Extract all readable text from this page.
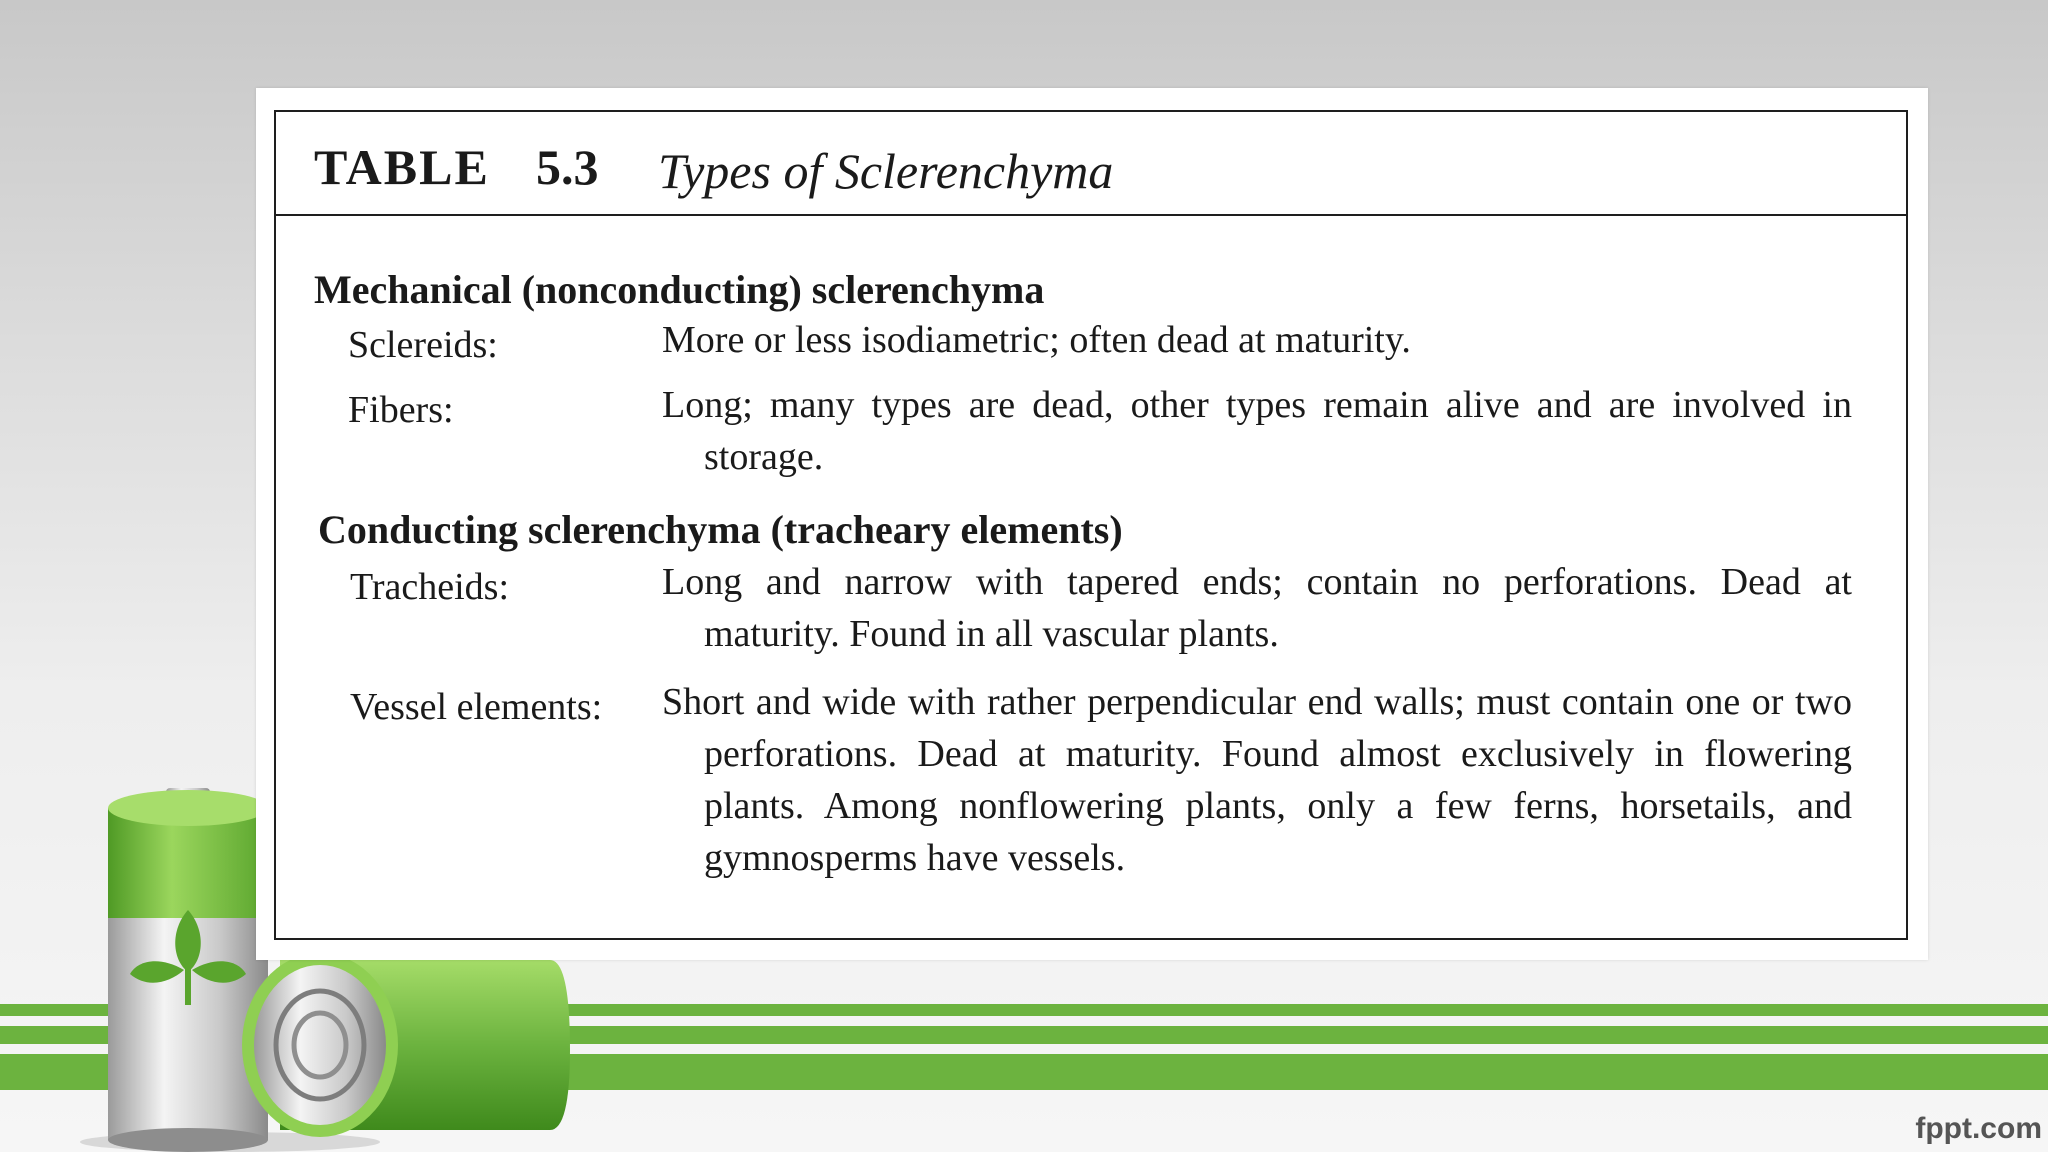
TABLE 5.3 Types of Sclerenchyma
Mechanical (nonconducting) sclerenchyma
Sclereids:	More or less isodiametric; often dead at maturity.
Fibers:	Long; many types are dead, other types remain alive and are involved in storage.
Conducting sclerenchyma (tracheary elements)
Tracheids:	Long and narrow with tapered ends; contain no perforations. Dead at maturity. Found in all vascular plants.
Vessel elements: Short and wide with rather perpendicular end walls; must contain one or two perforations. Dead at maturity. Found almost exclusively in flowering plants. Among nonflowering plants, only a few ferns, horsetails, and gymnosperms have vessels.
fppt.com
